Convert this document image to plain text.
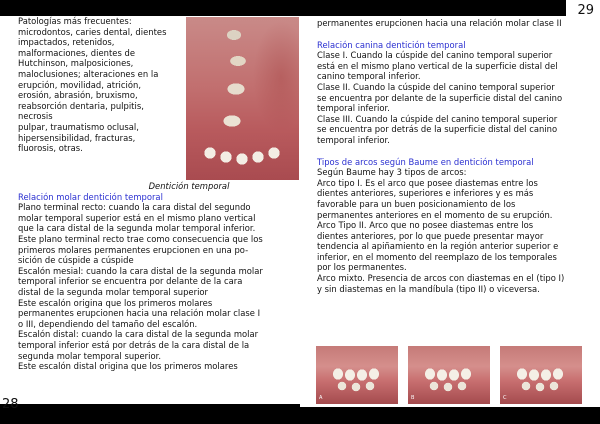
Patologías más frecuentes:

microdontos, caries dental, dientes

impactados, retenidos,

malformaciones, dientes de

Hutchinson, malposiciones,

maloclusiones; alteraciones en la

erupción, movilidad, atrición,

erosión, abrasión, bruxismo,

reabsorción dentaria, pulpitis,

necrosis

pulpar, traumatismo oclusal,

hipersensibilidad, fracturas,

fluorosis, otras.

Dentición temporal

Relación molar dentición temporal

Plano terminal recto: cuando la cara distal del segundo

molar temporal superior está en el mismo plano vertical

que la cara distal de la segunda molar temporal inferior.

Este plano terminal recto trae como consecuencia que los

primeros molares permanentes erupcionen en una po-

sición de cúspide a cúspide

Escalón mesial: cuando la cara distal de la segunda molar

temporal inferior se encuentra por delante de la cara

distal de la segunda molar temporal superior

Este escalón origina que los primeros molares

permanentes erupcionen hacia una relación molar clase I

o III, dependiendo del tamaño del escalón.

Escalón distal: cuando la cara distal de la segunda molar

temporal inferior está por detrás de la cara distal de la

segunda molar temporal superior.

Este escalón distal origina que los primeros molares

28
29

permanentes erupcionen hacia una relación molar clase II

Relación canina dentición temporal

Clase I. Cuando la cúspide del canino temporal superior

está en el mismo plano vertical de la superficie distal del

canino temporal inferior.

Clase II. Cuando la cúspide del canino temporal superior

se encuentra por delante de la superficie distal del canino

temporal inferior.

Clase III. Cuando la cúspide del canino temporal superior

se encuentra por detrás de la superficie distal del canino

temporal inferior.

Tipos de arcos según Baume en dentición temporal

Según Baume hay 3 tipos de arcos:

Arco tipo I. Es el arco que posee diastemas entre los

dientes anteriores, superiores e inferiores y es más

favorable para un buen posicionamiento de los

permanentes anteriores en el momento de su erupción.

Arco Tipo II. Arco que no posee diastemas entre los

dientes anteriores, por lo que puede presentar mayor

tendencia al apiñamiento en la región anterior superior e

inferior, en el momento del reemplazo de los temporales

por los permanentes.

Arco mixto. Presencia de arcos con diastemas en el (tipo I)

y sin diastemas en la mandíbula (tipo II) o viceversa.

A	B	C
